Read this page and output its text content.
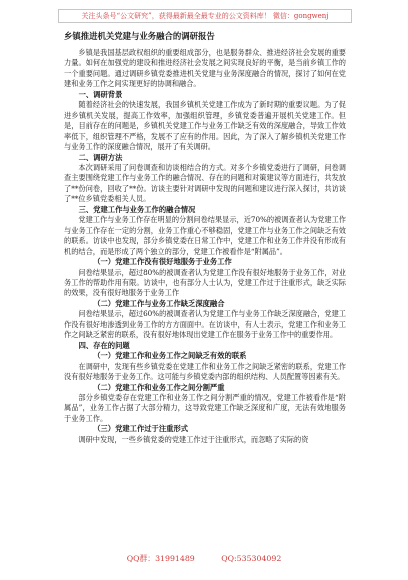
关注头条号“公文研究”，获得最新最全最专业的公文资料库！ 微信：gongwenj
乡镇推进机关党建与业务融合的调研报告
乡镇是我国基层政权组织的重要组成部分，也是服务群众、推进经济社会发展的重要力量。如何在加强党的建设和推进经济社会发展之间实现良好的平衡，是当前乡镇工作的一个重要问题。通过调研乡镇党委推进机关党建与业务深度融合的情况，探讨了如何在党建和业务工作之间实现更好的协调和融合。
一、调研背景
随着经济社会的快速发展，我国乡镇机关党建工作成为了新时期的重要议题。为了促进乡镇机关发展，提高工作效率，加强组织管理，乡镇党委普遍开展机关党建工作。但是，目前存在的问题是，乡镇机关党建工作与业务工作缺乏有效的深度融合，导致工作效率低下，组织管理不严格，发展不了应有的作用。因此，为了深入了解乡镇机关党建工作与业务工作的深度融合情况，展开了有关调研。
二、调研方法
本次调研采用了问卷调查和访谈相结合的方式。对多个乡镇党委进行了调研，问卷调查主要围绕党建工作与业务工作的融合情况、存在的问题和对策建议等方面进行，共发放了**份问卷，回收了**份。访谈主要针对调研中发现的问题和建议进行深入探讨，共访谈了**位乡镇党委相关人员。
三、党建工作与业务工作的融合情况
党建工作与业务工作存在明显的分割问卷结果显示，近70%的被调查者认为党建工作与业务工作存在一定的分割，业务工作重心不够稳固，党建工作与业务工作之间缺乏有效的联系。访谈中也发现，部分乡镇党委在日常工作中，党建工作和业务工作并没有形成有机的结合，而是形成了两个独立的部分，党建工作被看作是“附属品”。
（一）党建工作没有很好地服务于业务工作
问卷结果显示，超过80%的被调查者认为党建工作没有很好地服务于业务工作，对业务工作的帮助作用有限。访谈中，也有部分人士认为，党建工作过于注重形式，缺乏实际的效果，没有很好地服务于业务工作
（二）党建工作与业务工作缺乏深度融合
问卷结果显示，超过60%的被调查者认为党建工作与业务工作缺乏深度融合，党建工作没有很好地渗透到业务工作的方方面面中。在访谈中，有人士表示，党建工作和业务工作之间缺乏紧密的联系，没有很好地体现出党建工作在服务于业务工作中的重要作用。
四、存在的问题
（一）党建工作和业务工作之间缺乏有效的联系
在调研中，发现有些乡镇党委在党建工作和业务工作之间缺乏紧密的联系，党建工作没有很好地服务于业务工作。这可能与乡镇党委内部的组织结构、人员配置等因素有关。
（二）党建工作和业务工作之间分割严重
部分乡镇党委存在党建工作和业务工作之间分割严重的情况，党建工作被看作是“附属品”，业务工作占据了大部分精力，这导致党建工作缺乏深度和广度，无法有效地服务于业务工作。
（三）党建工作过于注重形式
调研中发现，一些乡镇党委的党建工作过于注重形式，而忽略了实际的资
QQ群：31991489	QQ:535304092
